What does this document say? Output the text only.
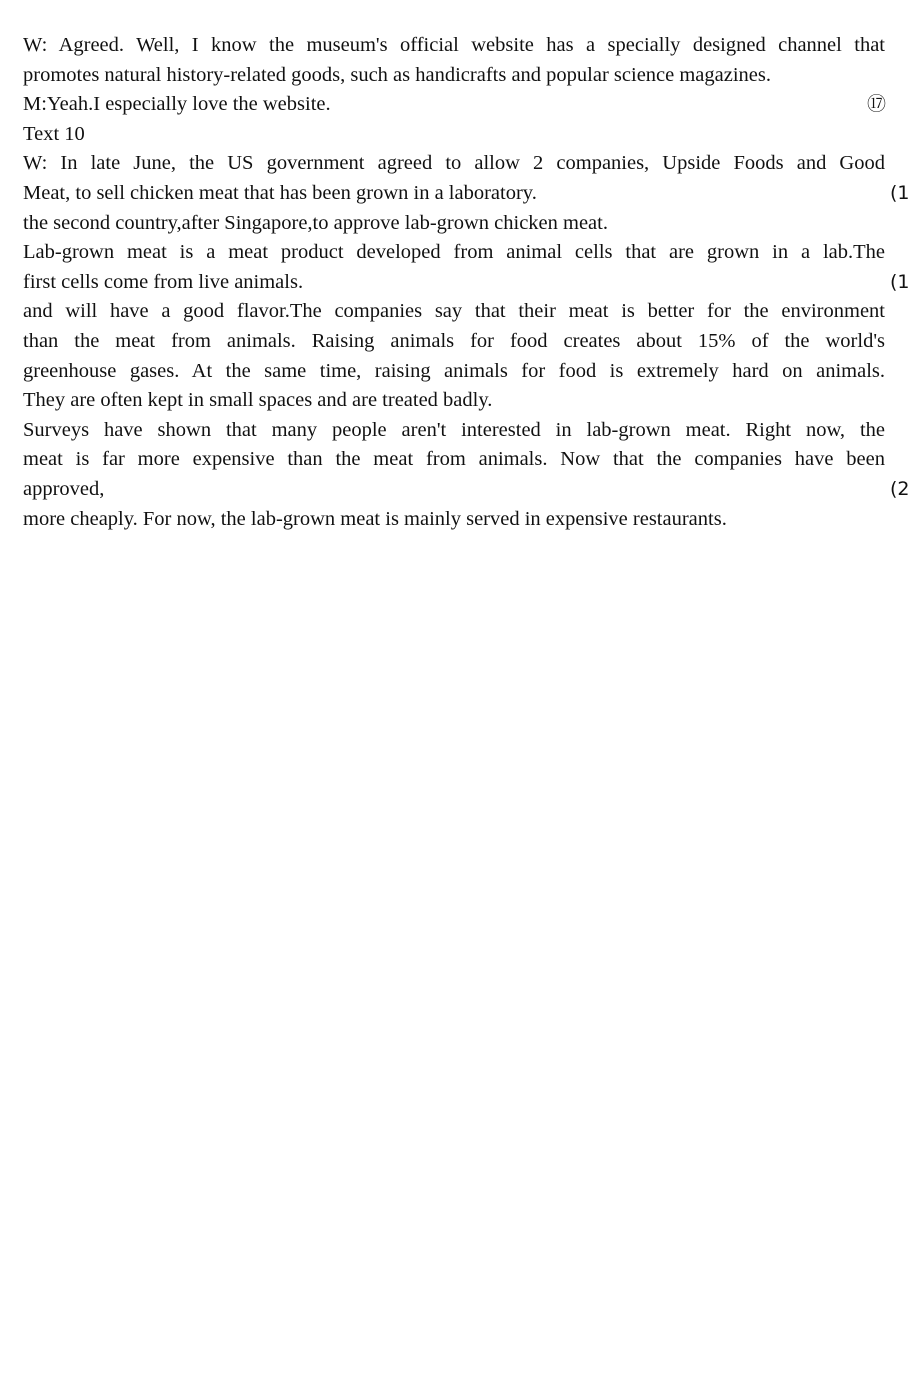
W: Agreed. Well, I know the museum's official website has a specially designed channel that
promotes natural history-related goods, such as handicrafts and popular science magazines.
M:Yeah.I especially love the website.	⑰
Text 10
W: In late June, the US government agreed to allow 2 companies, Upside Foods and Good
Meat, to sell chicken meat that has been grown in a laboratory.	(1
the second country,after Singapore,to approve lab-grown chicken meat.
Lab-grown meat is a meat product developed from animal cells that are grown in a lab.The
first cells come from live animals.	(1
and will have a good flavor.The companies say that their meat is better for the environment
than the meat from animals. Raising animals for food creates about 15% of the world's
greenhouse gases. At the same time, raising animals for food is extremely hard on animals.
They are often kept in small spaces and are treated badly.
Surveys have shown that many people aren't interested in lab-grown meat. Right now, the
meat is far more expensive than the meat from animals. Now that the companies have been
approved,	(2
more cheaply. For now, the lab-grown meat is mainly served in expensive restaurants.
